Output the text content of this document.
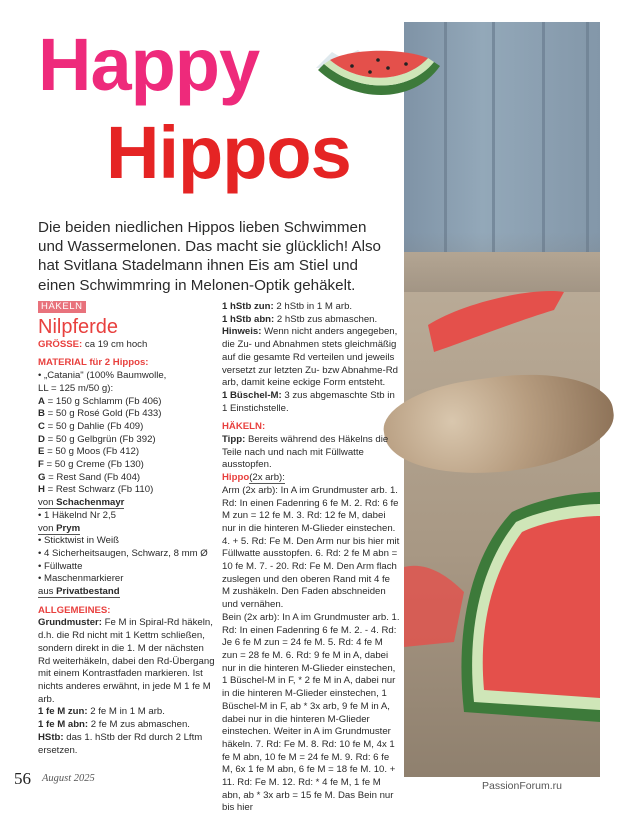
Happy
Hippos
Die beiden niedlichen Hippos lieben Schwimmen und Wassermelonen. Das macht sie glücklich! Also hat Svitlana Stadelmann ihnen Eis am Stiel und einen Schwimmring in Melonen-Optik gehäkelt.
HÄKELN
Nilpferde

GRÖSSE: ca 19 cm hoch

MATERIAL für 2 Hippos:

• „Catania" (100% Baumwolle,

LL = 125 m/50 g):

A = 150 g Schlamm (Fb 406)

B = 50 g Rosé Gold (Fb 433)

C = 50 g Dahlie (Fb 409)

D = 50 g Gelbgrün (Fb 392)

E = 50 g Moos (Fb 412)

F = 50 g Creme (Fb 130)

G = Rest Sand (Fb 404)

H = Rest Schwarz (Fb 110)

von Schachenmayr

• 1 Häkelnd Nr 2,5

von Prym

• Sticktwist in Weiß

• 4 Sicherheitsaugen, Schwarz, 8 mm Ø

• Füllwatte

• Maschenmarkierer

aus Privatbestand

ALLGEMEINES:

Grundmuster: Fe M in Spiral-Rd häkeln, d.h. die Rd nicht mit 1 Kettm schließen, sondern direkt in die 1. M der nächsten Rd weiterhäkeln, dabei den Rd-Übergang mit einem Kontrastfaden markieren. Ist nichts anderes erwähnt, in jede M 1 fe M arb.

1 fe M zun: 2 fe M in 1 M arb.

1 fe M abn: 2 fe M zus abmaschen.

HStb: das 1. hStb der Rd durch 2 Lftm ersetzen.

1 hStb zun: 2 hStb in 1 M arb.

1 hStb abn: 2 hStb zus abmaschen.

Hinweis: Wenn nicht anders angegeben, die Zu- und Abnahmen stets gleichmäßig auf die gesamte Rd verteilen und jeweils versetzt zur letzten Zu- bzw Abnahme-Rd arb, damit keine eckige Form entsteht.

1 Büschel-M: 3 zus abgemaschte Stb in 1 Einstichstelle.

HÄKELN:

Tipp: Bereits während des Häkelns die Teile nach und nach mit Füllwatte ausstopfen.

Hippo(2x arb):

Arm (2x arb): In A im Grundmuster arb. 1. Rd: In einen Fadenring 6 fe M. 2. Rd: 6 fe M zun = 12 fe M. 3. Rd: 12 fe M, dabei nur in die hinteren M-Glieder einstechen. 4. + 5. Rd: Fe M. Den Arm nur bis hier mit Füllwatte ausstopfen. 6. Rd: 2 fe M abn = 10 fe M. 7. - 20. Rd: Fe M. Den Arm flach zuslegen und den oberen Rand mit 4 fe M zushäkeln. Den Faden abschneiden und vernähen.

Bein (2x arb): In A im Grundmuster arb. 1. Rd: In einen Fadenring 6 fe M. 2. - 4. Rd: Je 6 fe M zun = 24 fe M. 5. Rd: 4 fe M zun = 28 fe M. 6. Rd: 9 fe M in A, dabei nur in die hinteren M-Glieder einstechen, 1 Büschel-M in F, * 2 fe M in A, dabei nur in die hinteren M-Glieder einstechen, 1 Büschel-M in F, ab * 3x arb, 9 fe M in A, dabei nur in die hinteren M-Glieder einstechen. Weiter in A im Grundmuster häkeln. 7. Rd: Fe M. 8. Rd: 10 fe M, 4x 1 fe M abn, 10 fe M = 24 fe M. 9. Rd: 6 fe M, 6x 1 fe M abn, 6 fe M = 18 fe M. 10. + 11. Rd: Fe M. 12. Rd: * 4 fe M, 1 fe M abn, ab * 3x arb = 15 fe M. Das Bein nur bis hier

56 August 2025
PassionForum.ru
